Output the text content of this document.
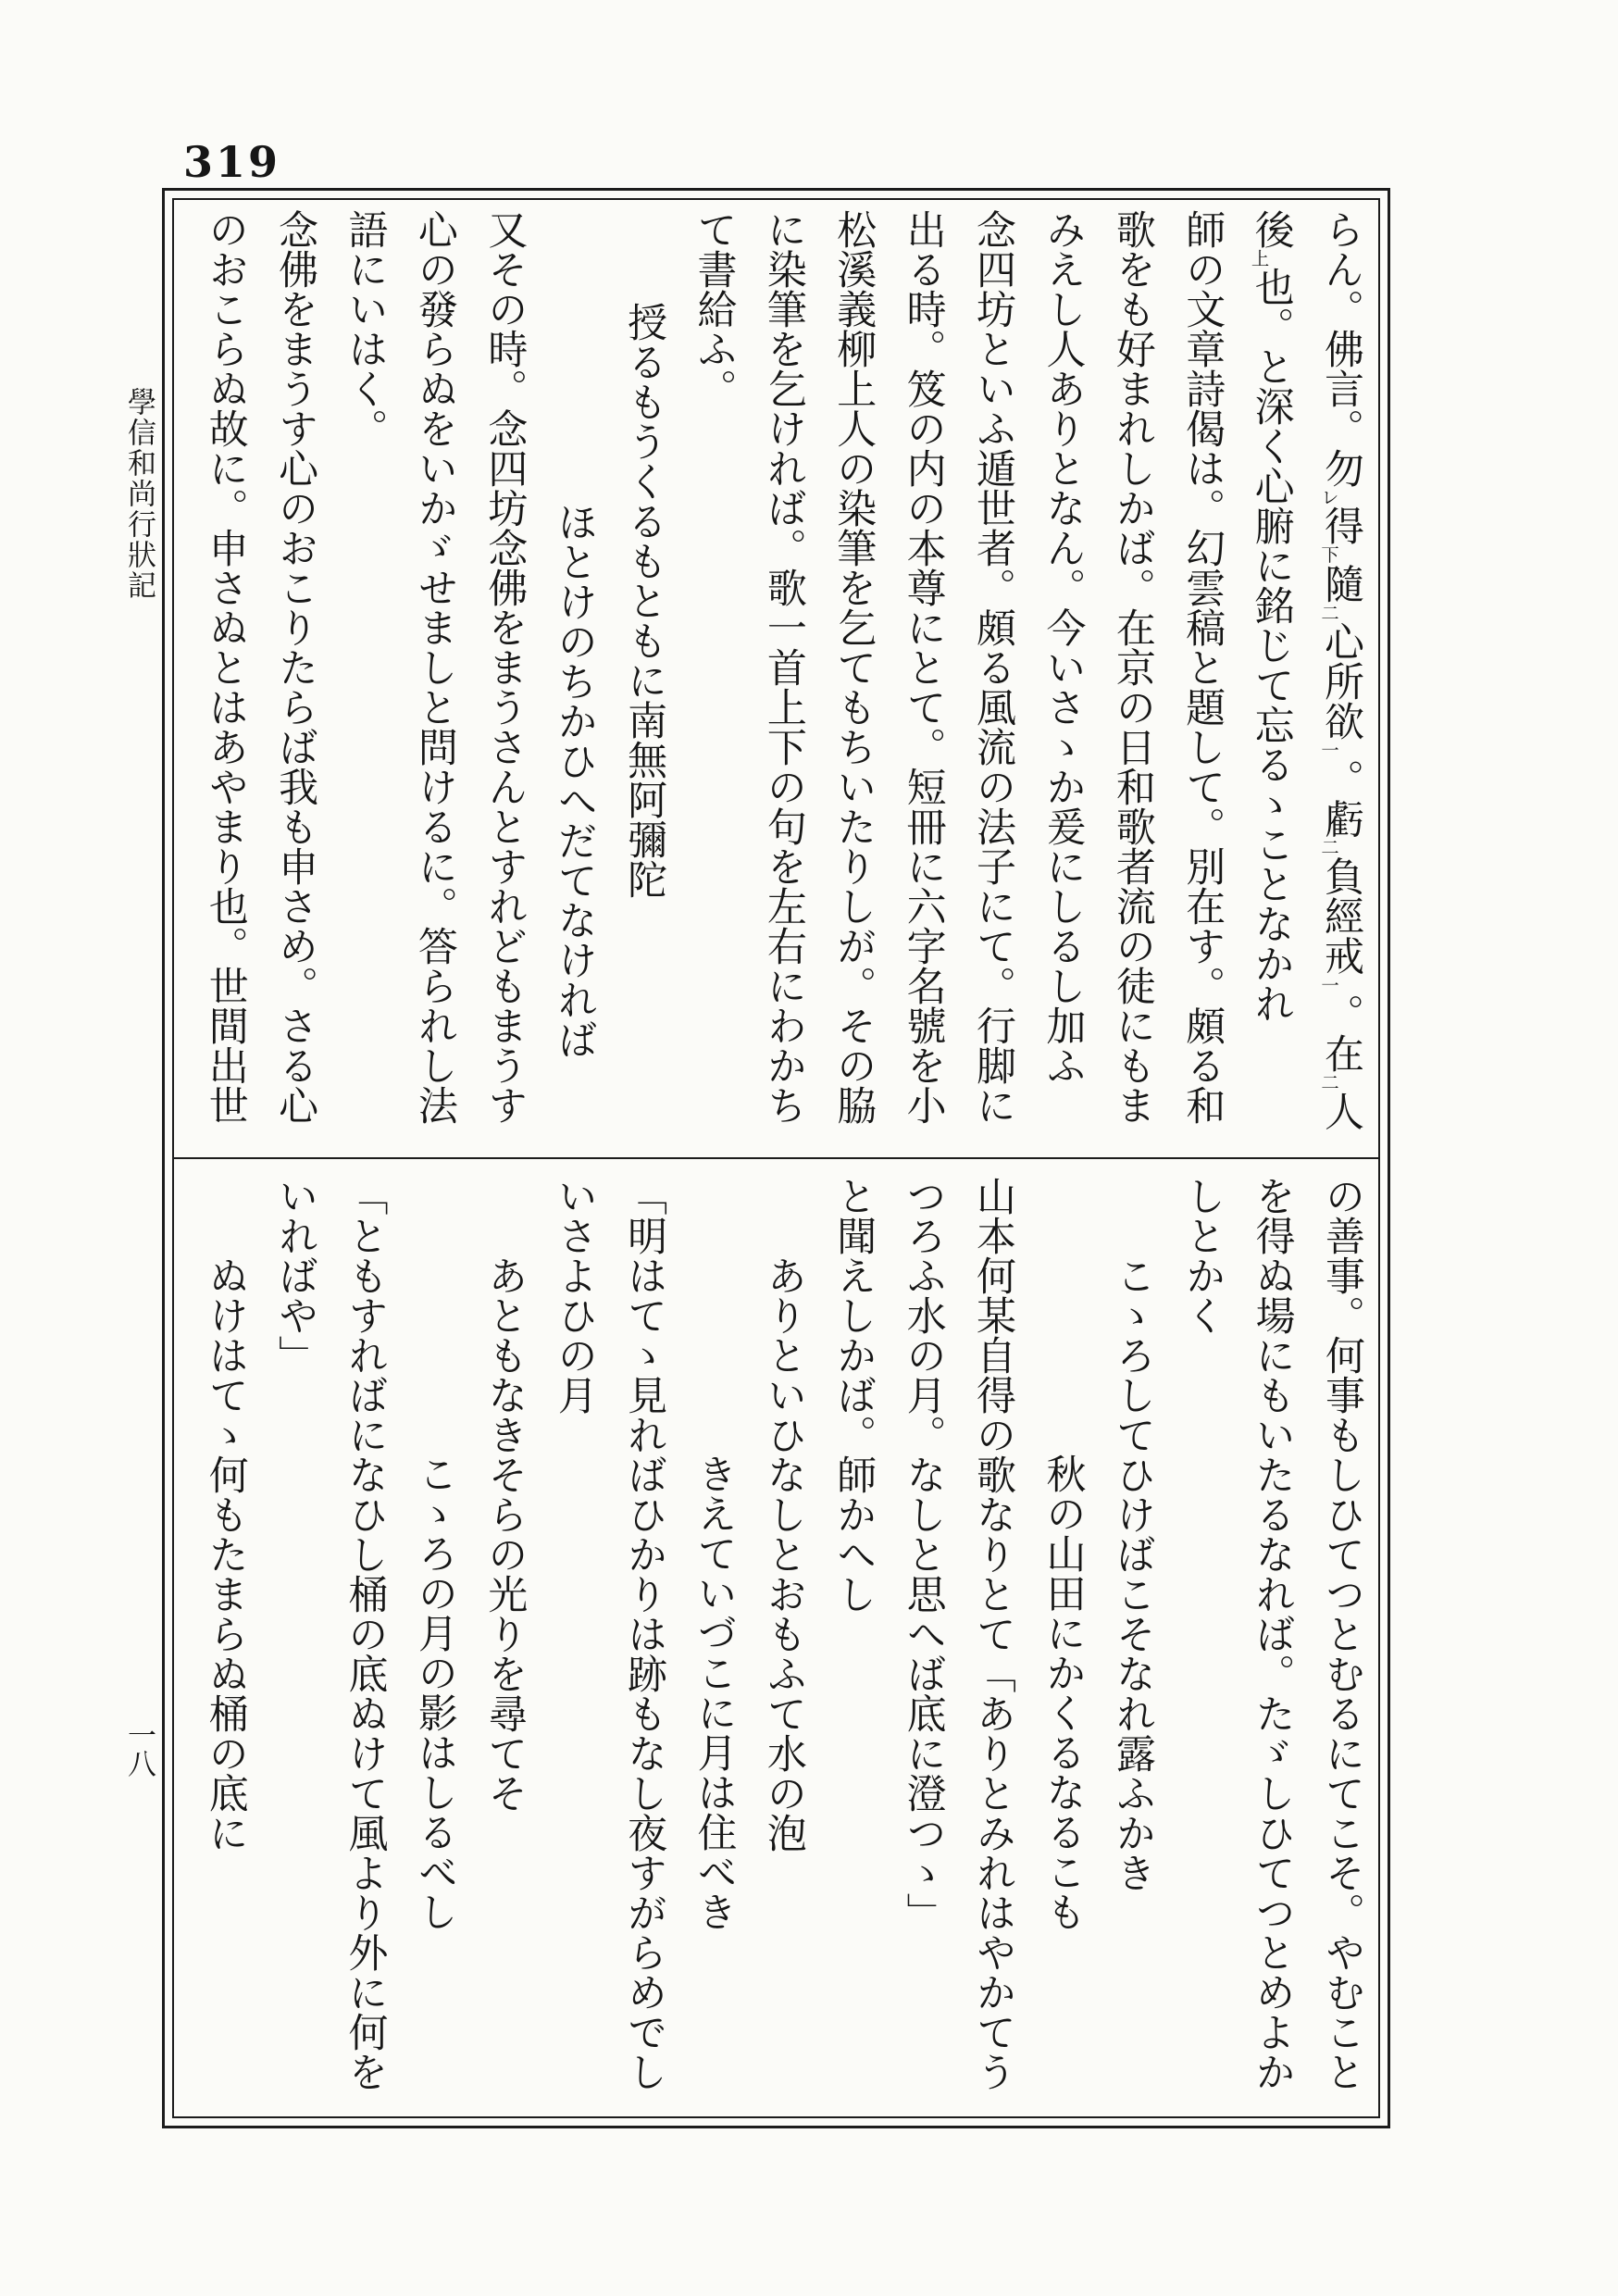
319
學信和尚行狀記
一八
らん。佛言。勿レ得下隨二心所欲一。虧二負經戒一。在二人
後上也。と深く心腑に銘じて忘るゝことなかれ
師の文章詩偈は。幻雲稿と題して。別在す。頗る和
歌をも好まれしかば。在京の日和歌者流の徒にもま
みえし人ありとなん。今いさゝか爰にしるし加ふ
念四坊といふ遁世者。頗る風流の法子にて。行脚に
出る時。笈の内の本尊にとて。短冊に六字名號を小
松溪義柳上人の染筆を乞てもちいたりしが。その脇
に染筆を乞ければ。歌一首上下の句を左右にわかち
て書給ふ。
授るもうくるもともに南無阿彌陀
ほとけのちかひへだてなければ
又その時。念四坊念佛をまうさんとすれどもまうす
心の發らぬをいかゞせましと問けるに。答られし法
語にいはく。
念佛をまうす心のおこりたらば我も申さめ。さる心
のおこらぬ故に。申さぬとはあやまり也。世間出世
の善事。何事もしひてつとむるにてこそ。やむこと
を得ぬ場にもいたるなれば。たゞしひてつとめよか
しとかく
こゝろしてひけばこそなれ露ふかき
秋の山田にかくるなるこも
山本何某自得の歌なりとて「ありとみれはやかてう
つろふ水の月。なしと思へば底に澄つゝ」
と聞えしかば。師かへし
ありといひなしとおもふて水の泡
きえていづこに月は住べき
「明はてゝ見ればひかりは跡もなし夜すがらめでし
いさよひの月
あともなきそらの光りを尋てそ
こゝろの月の影はしるべし
「ともすればになひし桶の底ぬけて風より外に何を
いればや」
ぬけはてゝ何もたまらぬ桶の底に
